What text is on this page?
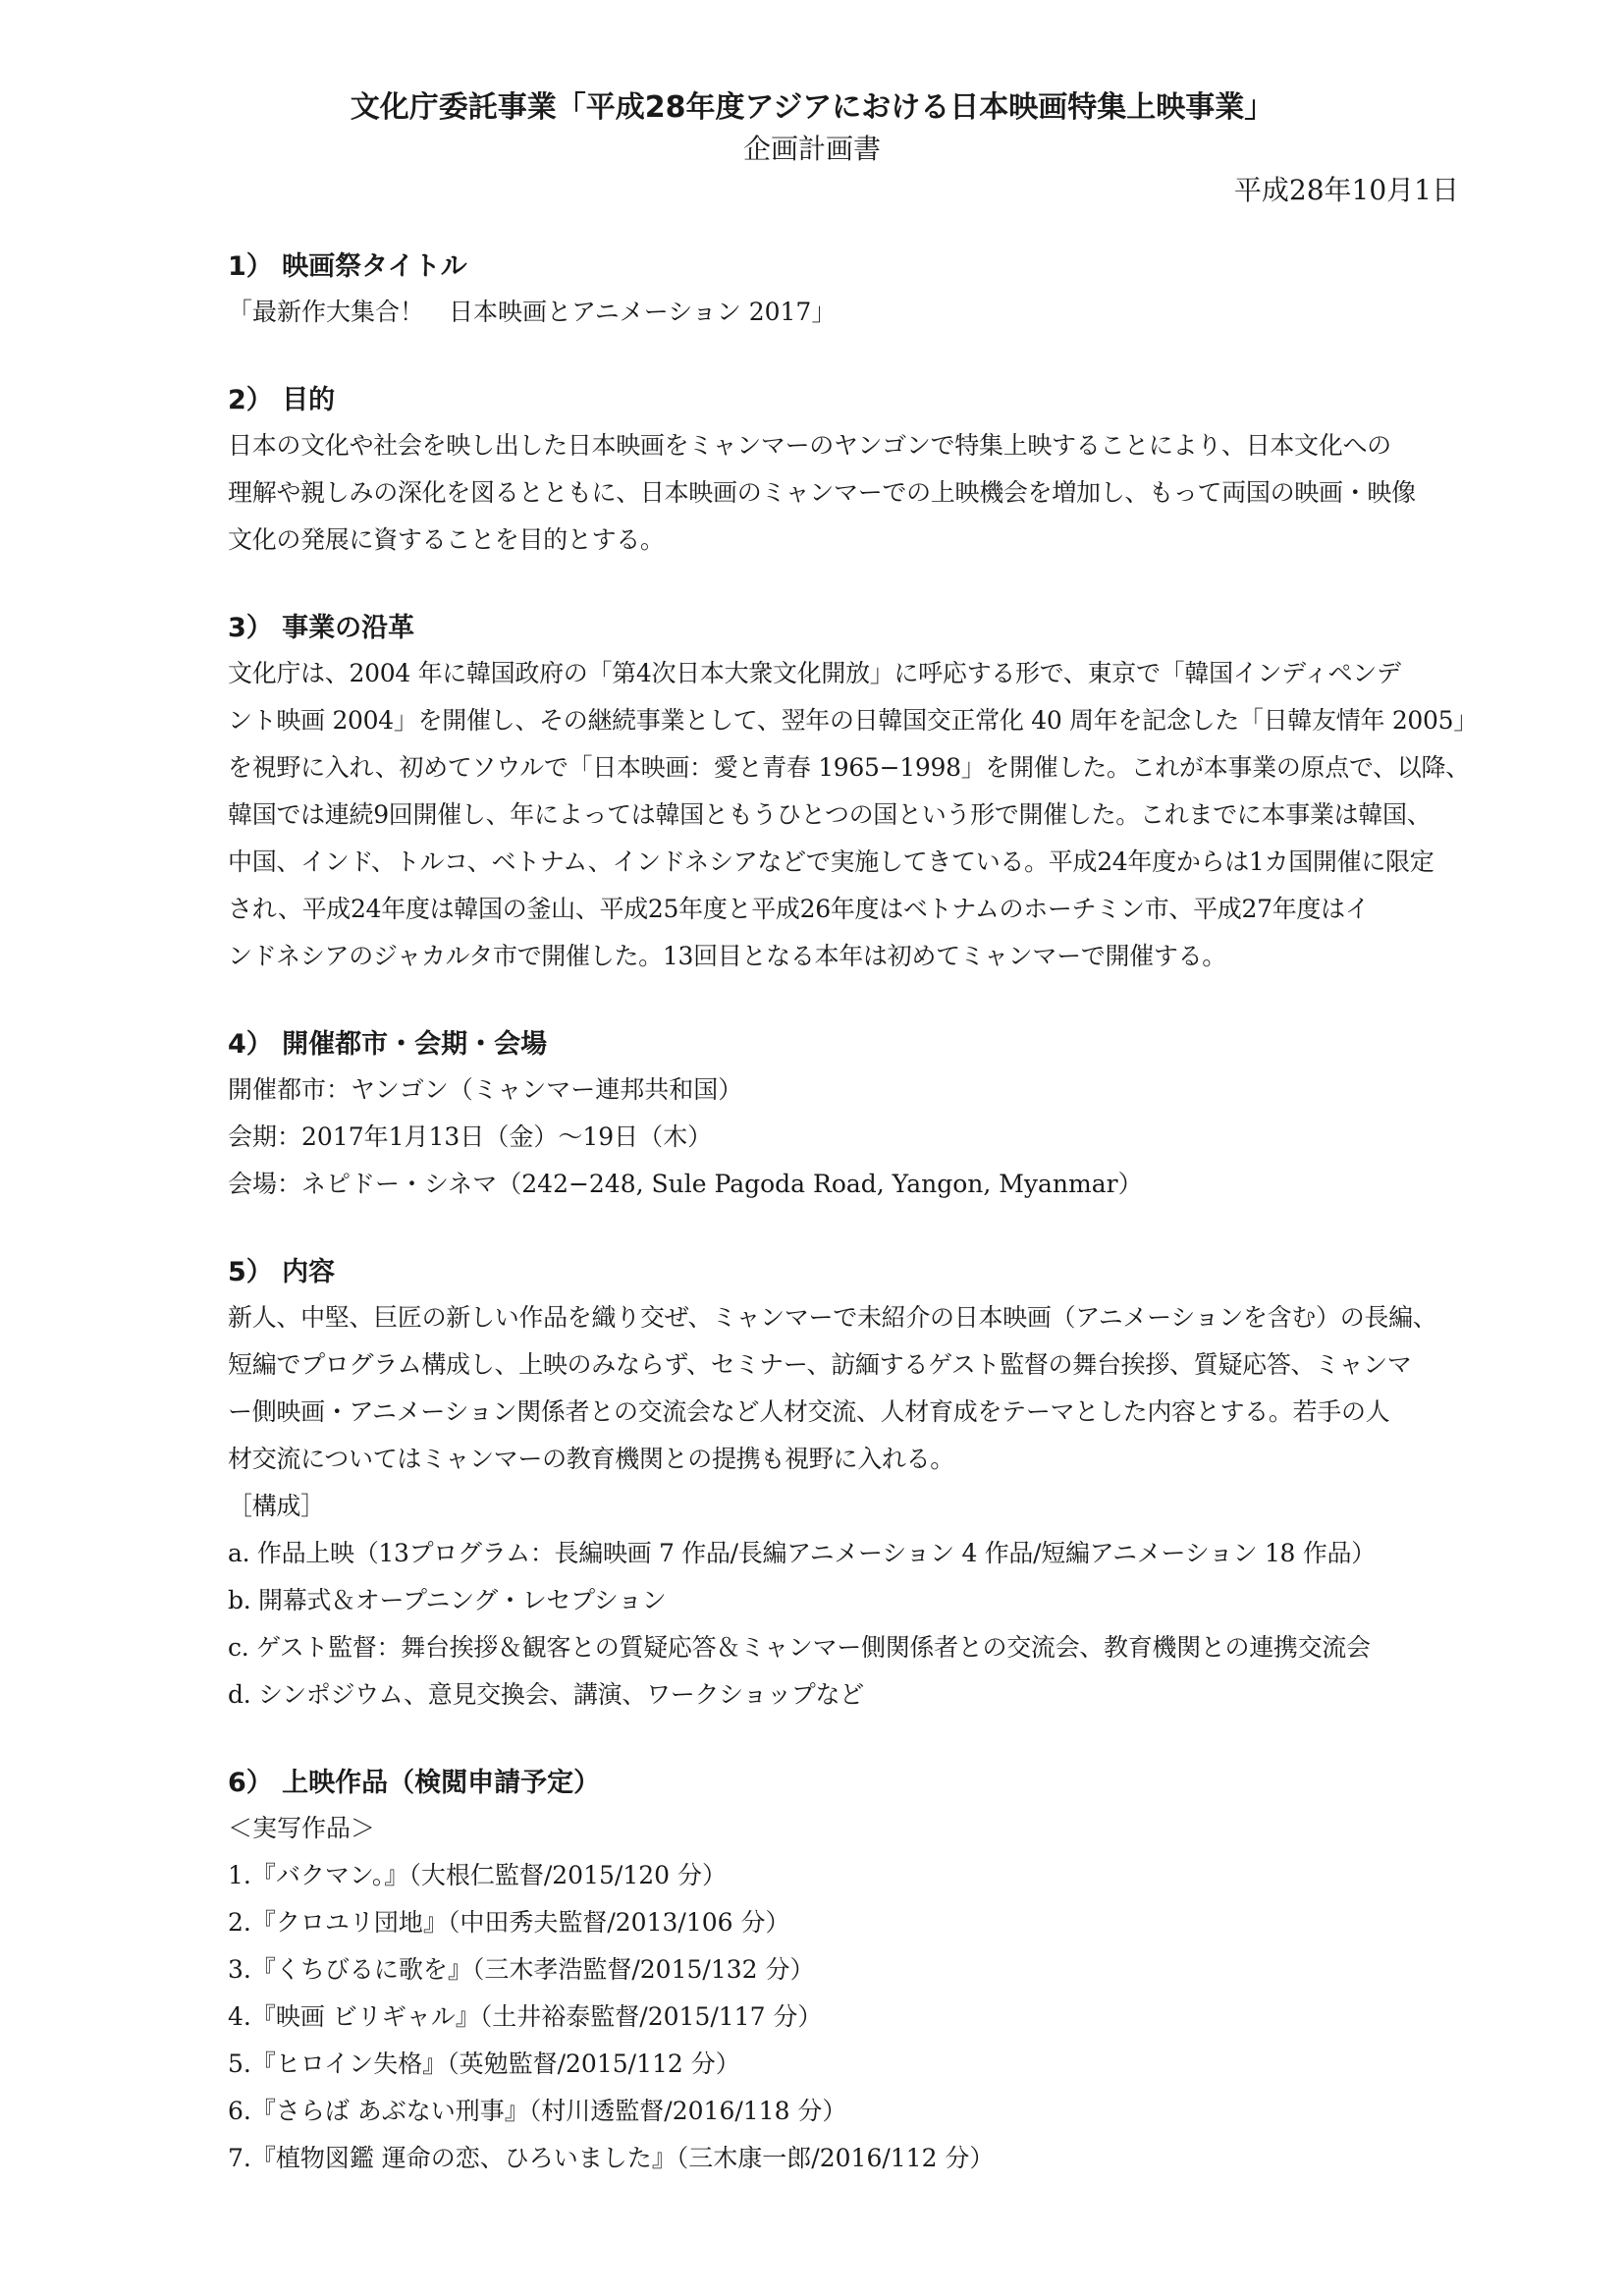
文化庁委託事業「平成28年度アジアにおける日本映画特集上映事業」
企画計画書
平成28年10月1日
1） 映画祭タイトル
「最新作大集合！　日本映画とアニメーション 2017」
2） 目的
日本の文化や社会を映し出した日本映画をミャンマーのヤンゴンで特集上映することにより、日本文化への
理解や親しみの深化を図るとともに、日本映画のミャンマーでの上映機会を増加し、もって両国の映画・映像
文化の発展に資することを目的とする。
3） 事業の沿革
文化庁は、2004 年に韓国政府の「第4次日本大衆文化開放」に呼応する形で、東京で「韓国インディペンデ
ント映画 2004」を開催し、その継続事業として、翌年の日韓国交正常化 40 周年を記念した「日韓友情年 2005」
を視野に入れ、初めてソウルで「日本映画：愛と青春 1965−1998」を開催した。これが本事業の原点で、以降、
韓国では連続9回開催し、年によっては韓国ともうひとつの国という形で開催した。これまでに本事業は韓国、
中国、インド、トルコ、ベトナム、インドネシアなどで実施してきている。平成24年度からは1カ国開催に限定
され、平成24年度は韓国の釜山、平成25年度と平成26年度はベトナムのホーチミン市、平成27年度はイ
ンドネシアのジャカルタ市で開催した。13回目となる本年は初めてミャンマーで開催する。
4） 開催都市・会期・会場
開催都市：ヤンゴン（ミャンマー連邦共和国）
会期：2017年1月13日（金）〜19日（木）
会場：ネピドー・シネマ（242−248, Sule Pagoda Road, Yangon, Myanmar）
5） 内容
新人、中堅、巨匠の新しい作品を織り交ぜ、ミャンマーで未紹介の日本映画（アニメーションを含む）の長編、
短編でプログラム構成し、上映のみならず、セミナー、訪緬するゲスト監督の舞台挨拶、質疑応答、ミャンマ
ー側映画・アニメーション関係者との交流会など人材交流、人材育成をテーマとした内容とする。若手の人
材交流についてはミャンマーの教育機関との提携も視野に入れる。
［構成］
a. 作品上映（13プログラム：長編映画 7 作品/長編アニメーション 4 作品/短編アニメーション 18 作品）
b. 開幕式＆オープニング・レセプション
c. ゲスト監督：舞台挨拶＆観客との質疑応答＆ミャンマー側関係者との交流会、教育機関との連携交流会
d. シンポジウム、意見交換会、講演、ワークショップなど
6） 上映作品（検閲申請予定）
＜実写作品＞
1.『バクマン。』（大根仁監督/2015/120 分）
2.『クロユリ団地』（中田秀夫監督/2013/106 分）
3.『くちびるに歌を』（三木孝浩監督/2015/132 分）
4.『映画 ビリギャル』（土井裕泰監督/2015/117 分）
5.『ヒロイン失格』（英勉監督/2015/112 分）
6.『さらば あぶない刑事』（村川透監督/2016/118 分）
7.『植物図鑑 運命の恋、ひろいました』（三木康一郎/2016/112 分）
